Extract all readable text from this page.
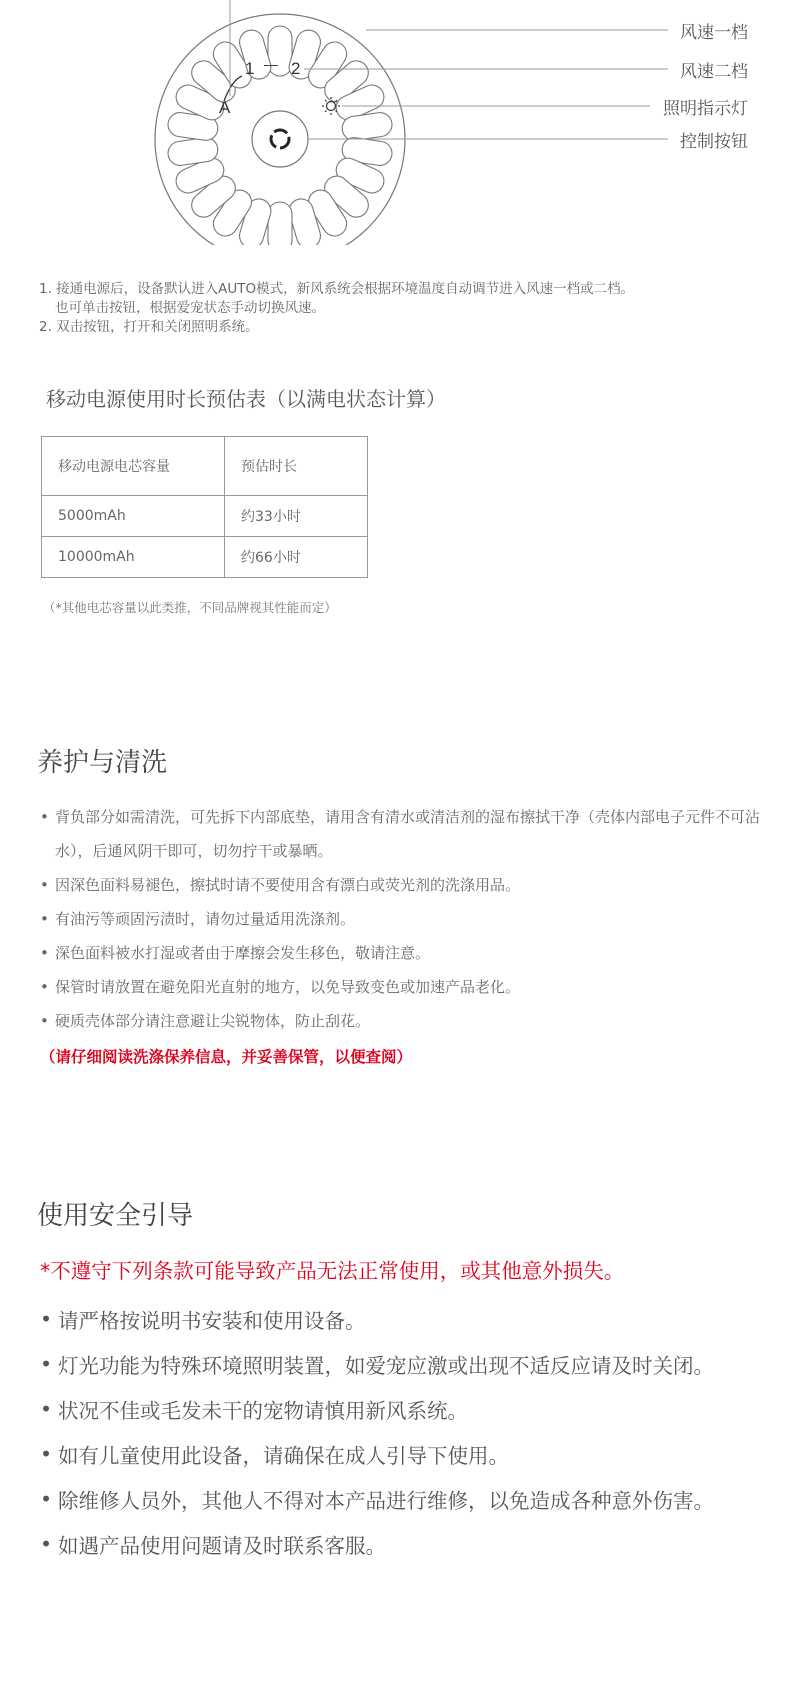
A
1 — 2
风速一档
风速二档
照明指示灯
控制按钮
1. 接通电源后，设备默认进入AUTO模式，新风系统会根据环境温度自动调节进入风速一档或二档。
也可单击按钮，根据爱宠状态手动切换风速。
2. 双击按钮，打开和关闭照明系统。
移动电源使用时长预估表（以满电状态计算）
移动电源电芯容量	预估时长
5000mAh	约33小时
10000mAh	约66小时
（*其他电芯容量以此类推，不同品牌视其性能而定）
养护与清洗
• 背负部分如需清洗，可先拆下内部底垫，请用含有清水或清洁剂的湿布擦拭干净（壳体内部电子元件不可沾水），后通风阴干即可，切勿拧干或暴晒。
• 因深色面料易褪色，擦拭时请不要使用含有漂白或荧光剂的洗涤用品。
• 有油污等顽固污渍时，请勿过量适用洗涤剂。
• 深色面料被水打湿或者由于摩擦会发生移色，敬请注意。
• 保管时请放置在避免阳光直射的地方，以免导致变色或加速产品老化。
• 硬质壳体部分请注意避让尖锐物体，防止刮花。
（请仔细阅读洗涤保养信息，并妥善保管，以便查阅）
使用安全引导
*不遵守下列条款可能导致产品无法正常使用，或其他意外损失。
• 请严格按说明书安装和使用设备。
• 灯光功能为特殊环境照明装置，如爱宠应激或出现不适反应请及时关闭。
• 状况不佳或毛发未干的宠物请慎用新风系统。
• 如有儿童使用此设备，请确保在成人引导下使用。
• 除维修人员外，其他人不得对本产品进行维修，以免造成各种意外伤害。
• 如遇产品使用问题请及时联系客服。
